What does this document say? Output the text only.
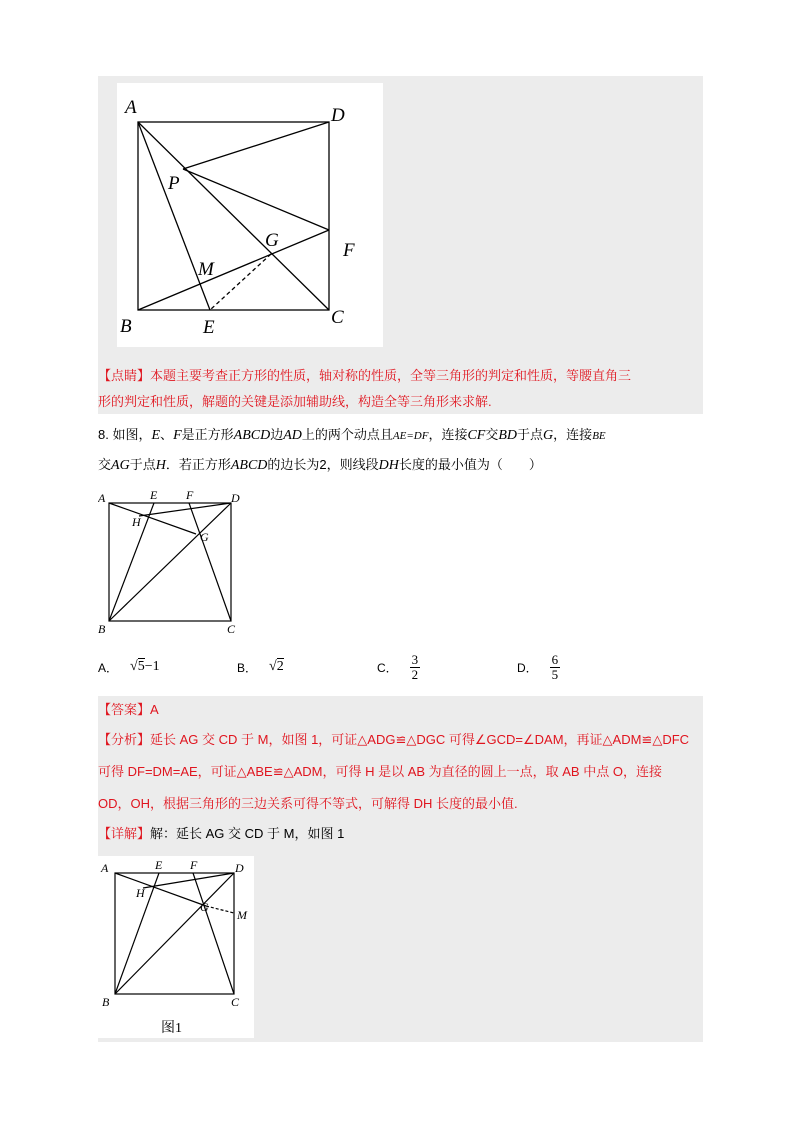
A	D
P
G	F
M
B	E	C
【点睛】本题主要考查正方形的性质，轴对称的性质，全等三角形的判定和性质，等腰直角三
形的判定和性质，解题的关键是添加辅助线，构造全等三角形来求解.
8. 如图，E、F是正方形ABCD边AD上的两个动点且AE=DF，连接CF交BD于点G，连接BE
交AG于点H．若正方形ABCD的边长为2，则线段DH长度的最小值为（　　）
A	E F	D
H
G
B	C
A． √5−1	B． √2	C． $\frac{3}{2}$	D． $\frac{6}{5}$
【答案】A
【分析】延长 AG 交 CD 于 M，如图 1，可证△ADG≌△DGC 可得∠GCD=∠DAM，再证△ADM≌△DFC
可得 DF=DM=AE，可证△ABE≌△ADM，可得 H 是以 AB 为直径的圆上一点，取 AB 中点 O，连接
OD，OH，根据三角形的三边关系可得不等式，可解得 DH 长度的最小值.
【详解】解：延长 AG 交 CD 于 M，如图 1
A	E F	D
H
G
M
B	C
图1
